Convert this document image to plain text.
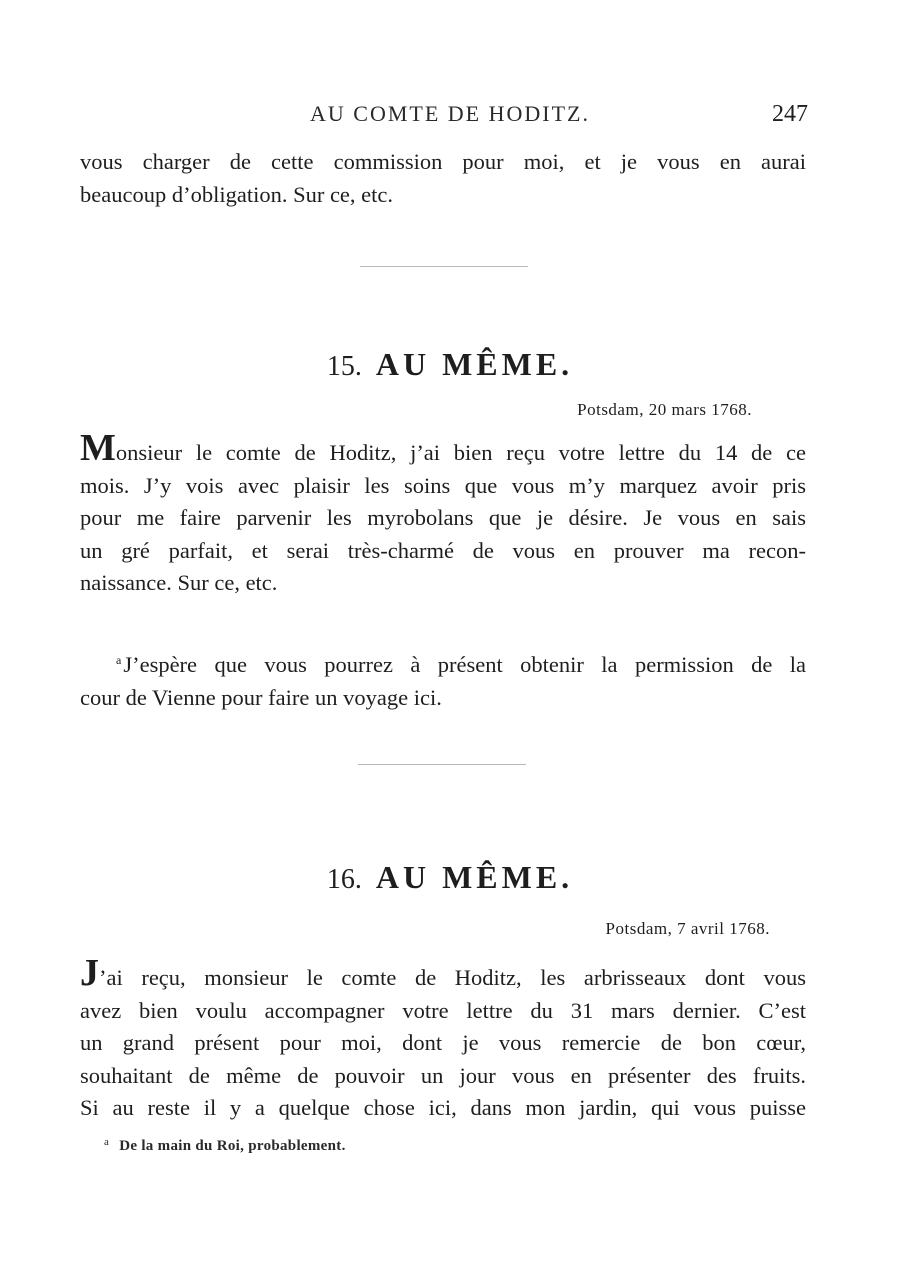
AU COMTE DE HODITZ.	247

vous charger de cette commission pour moi, et je vous en aurai

beaucoup d’obligation. Sur ce, etc.

15. AU MÊME.
Potsdam, 20 mars 1768.

Monsieur le comte de Hoditz, j’ai bien reçu votre lettre du 14 de ce

mois. J’y vois avec plaisir les soins que vous m’y marquez avoir pris

pour me faire parvenir les myrobolans que je désire. Je vous en sais

un gré parfait, et serai très-charmé de vous en prouver ma recon-

naissance. Sur ce, etc.

$^a$J’espère que vous pourrez à présent obtenir la permission de la

cour de Vienne pour faire un voyage ici.

16. AU MÊME.
Potsdam, 7 avril 1768.

J’ai reçu, monsieur le comte de Hoditz, les arbrisseaux dont vous

avez bien voulu accompagner votre lettre du 31 mars dernier. C’est

un grand présent pour moi, dont je vous remercie de bon cœur,

souhaitant de même de pouvoir un jour vous en présenter des fruits.

Si au reste il y a quelque chose ici, dans mon jardin, qui vous puisse

$^a$ De la main du Roi, probablement.
